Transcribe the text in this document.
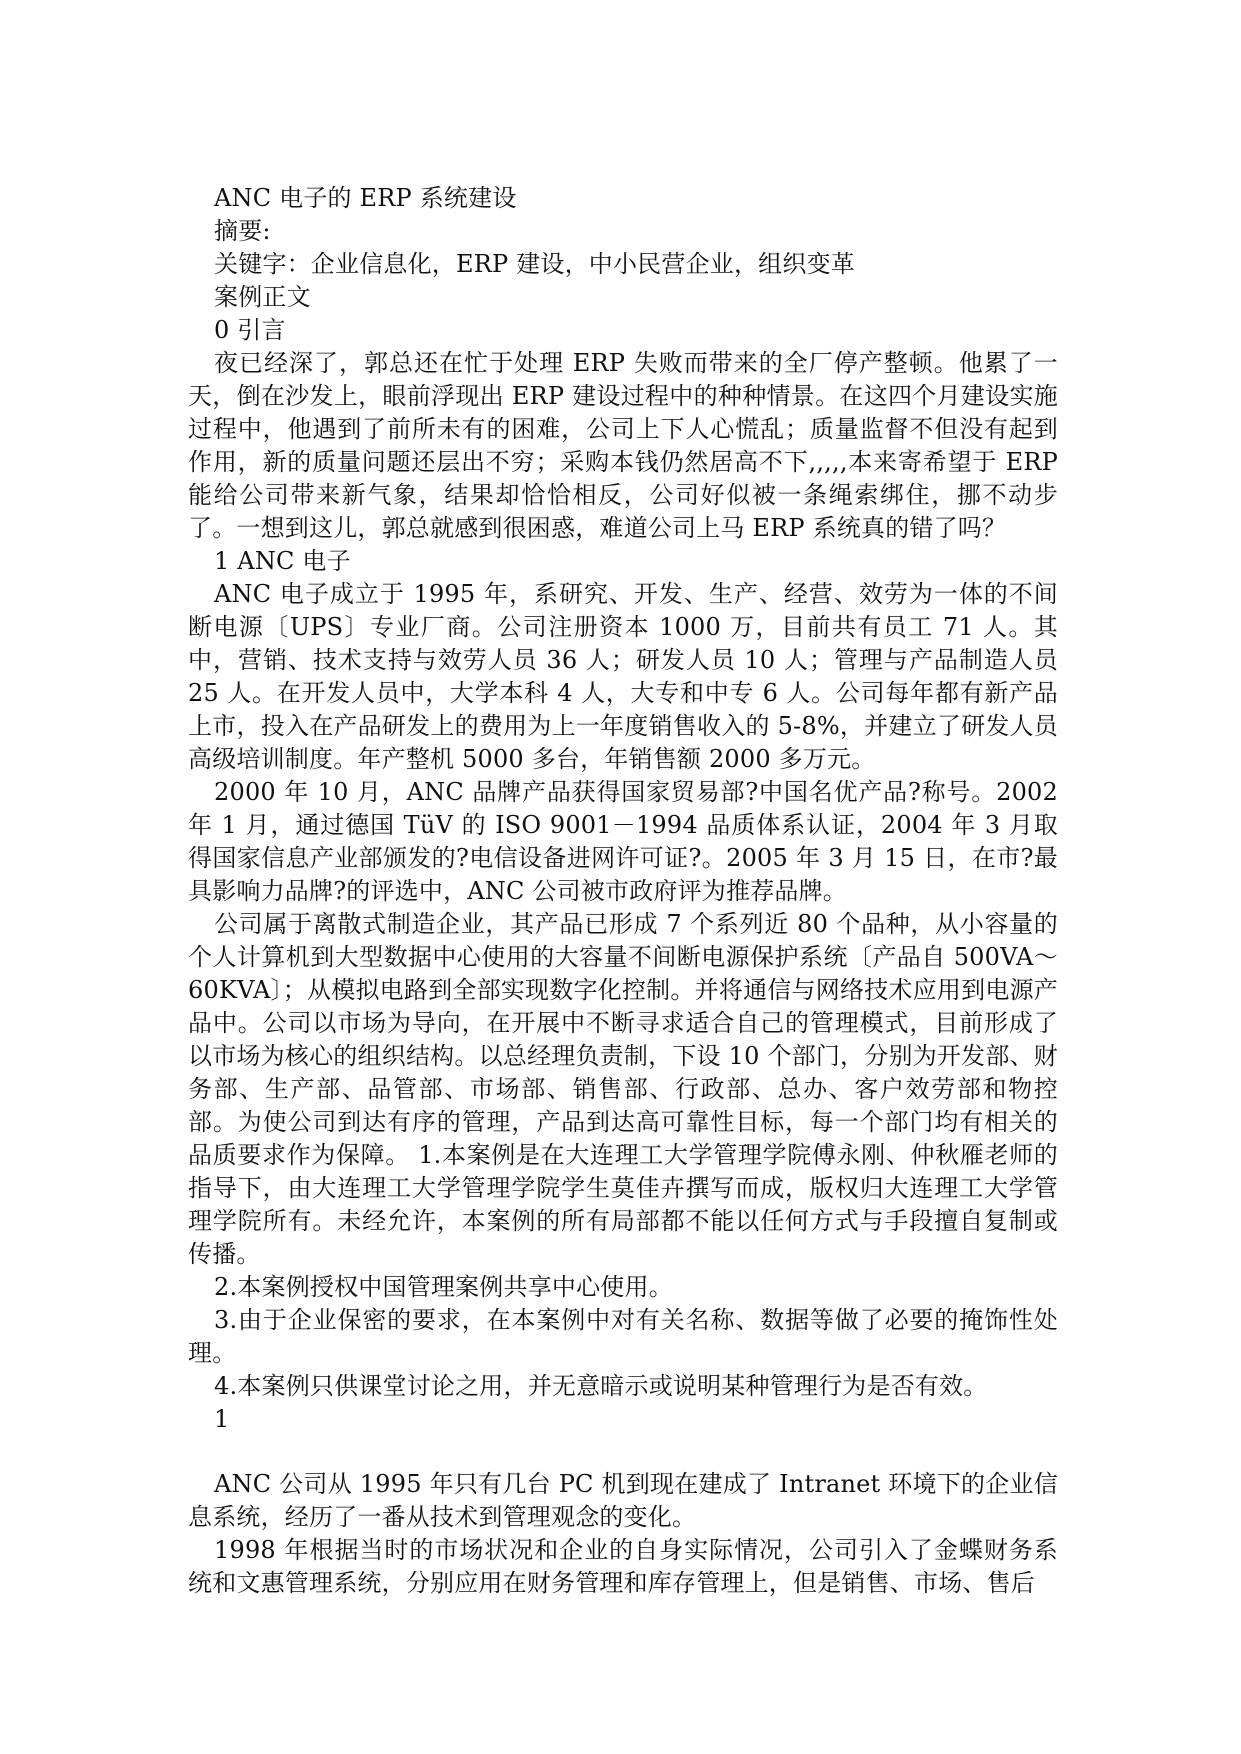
ANC 电子的 ERP 系统建设
摘要:
关键字：企业信息化，ERP 建设，中小民营企业，组织变革
案例正文
0 引言

夜已经深了，郭总还在忙于处理 ERP 失败而带来的全厂停产整顿。他累了一天，倒在沙发上，眼前浮现出 ERP 建设过程中的种种情景。在这四个月建设实施过程中，他遇到了前所未有的困难，公司上下人心慌乱；质量监督不但没有起到作用，新的质量问题还层出不穷；采购本钱仍然居高不下,,,,,本来寄希望于 ERP 能给公司带来新气象，结果却恰恰相反，公司好似被一条绳索绑住，挪不动步了。一想到这儿，郭总就感到很困惑，难道公司上马 ERP 系统真的错了吗？

1 ANC 电子

ANC 电子成立于 1995 年，系研究、开发、生产、经营、效劳为一体的不间断电源〔UPS〕专业厂商。公司注册资本 1000 万，目前共有员工 71 人。其中，营销、技术支持与效劳人员 36 人；研发人员 10 人；管理与产品制造人员 25 人。在开发人员中，大学本科 4 人，大专和中专 6 人。公司每年都有新产品上市，投入在产品研发上的费用为上一年度销售收入的 5-8%，并建立了研发人员高级培训制度。年产整机 5000 多台，年销售额 2000 多万元。

2000 年 10 月，ANC 品牌产品获得国家贸易部?中国名优产品?称号。2002 年 1 月，通过德国 TüV 的 ISO 9001－1994 品质体系认证，2004 年 3 月取得国家信息产业部颁发的?电信设备进网许可证?。2005 年 3 月 15 日，在市?最具影响力品牌?的评选中，ANC 公司被市政府评为推荐品牌。

公司属于离散式制造企业，其产品已形成 7 个系列近 80 个品种，从小容量的个人计算机到大型数据中心使用的大容量不间断电源保护系统〔产品自 500VA～60KVA〕；从模拟电路到全部实现数字化控制。并将通信与网络技术应用到电源产品中。公司以市场为导向，在开展中不断寻求适合自己的管理模式，目前形成了以市场为核心的组织结构。以总经理负责制，下设 10 个部门，分别为开发部、财务部、生产部、品管部、市场部、销售部、行政部、总办、客户效劳部和物控部。为使公司到达有序的管理，产品到达高可靠性目标，每一个部门均有相关的品质要求作为保障。 1.本案例是在大连理工大学管理学院傅永刚、仲秋雁老师的指导下，由大连理工大学管理学院学生莫佳卉撰写而成，版权归大连理工大学管理学院所有。未经允许，本案例的所有局部都不能以任何方式与手段擅自复制或传播。

2.本案例授权中国管理案例共享中心使用。

3.由于企业保密的要求，在本案例中对有关名称、数据等做了必要的掩饰性处理。

4.本案例只供课堂讨论之用，并无意暗示或说明某种管理行为是否有效。

1

ANC 公司从 1995 年只有几台 PC 机到现在建成了 Intranet 环境下的企业信息系统，经历了一番从技术到管理观念的变化。

1998 年根据当时的市场状况和企业的自身实际情况，公司引入了金蝶财务系统和文惠管理系统，分别应用在财务管理和库存管理上，但是销售、市场、售后
